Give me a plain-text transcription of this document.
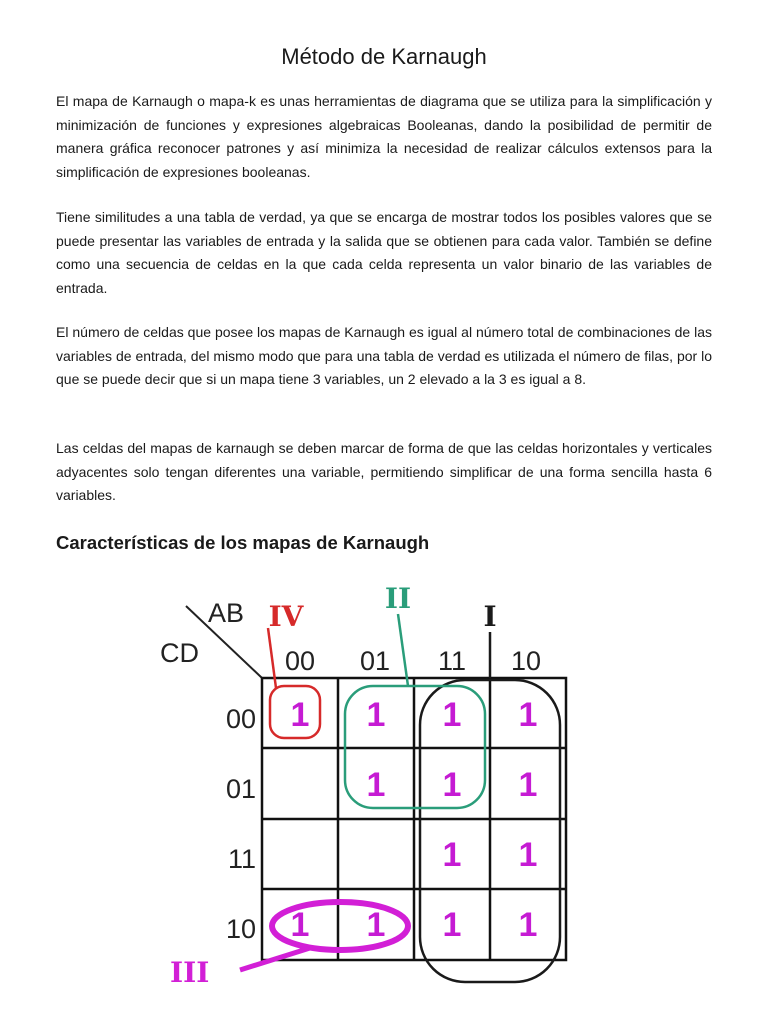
Método de Karnaugh

El mapa de Karnaugh o mapa-k es unas herramientas de diagrama que se utiliza para la simplificación y minimización de funciones y expresiones algebraicas Booleanas, dando la posibilidad de permitir de manera gráfica reconocer patrones y así minimiza la necesidad de realizar cálculos extensos para la simplificación de expresiones booleanas.

Tiene similitudes a una tabla de verdad, ya que se encarga de mostrar todos los posibles valores que se puede presentar las variables de entrada y la salida que se obtienen para cada valor. También se define como una secuencia de celdas en la que cada celda representa un valor binario de las variables de entrada.

El número de celdas que posee los mapas de Karnaugh es igual al número total de combinaciones de las variables de entrada, del mismo modo que para una tabla de verdad es utilizada el número de filas, por lo que se puede decir que si un mapa tiene 3 variables, un 2 elevado a la 3 es igual a 8.

Las celdas del mapas de karnaugh se deben marcar de forma de que las celdas horizontales y verticales adyacentes solo tengan diferentes una variable, permitiendo simplificar de una forma sencilla hasta 6 variables.

Características de los mapas de Karnaugh
AB
CD	00 01 11 10
00
01
11
10
1 1 1 1
1 1 1
1 1
1 1 1 1
I
II
III
IV
